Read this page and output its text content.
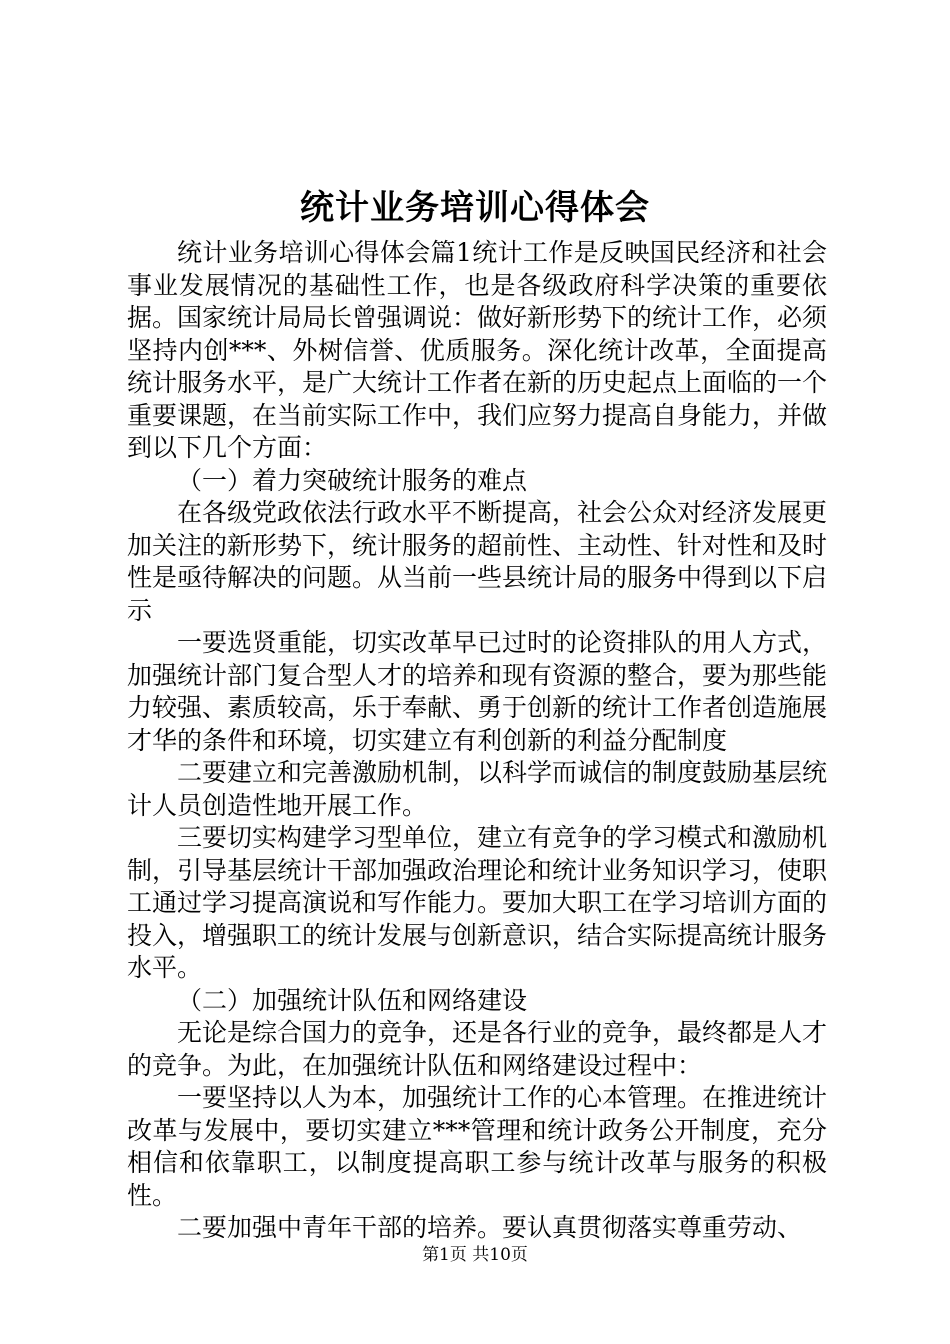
统计业务培训心得体会

统计业务培训心得体会篇1统计工作是反映国民经济和社会事业发展情况的基础性工作，也是各级政府科学决策的重要依据。国家统计局局长曾强调说：做好新形势下的统计工作，必须坚持内创***、外树信誉、优质服务。深化统计改革，全面提高统计服务水平，是广大统计工作者在新的历史起点上面临的一个重要课题，在当前实际工作中，我们应努力提高自身能力，并做到以下几个方面：

（一）着力突破统计服务的难点

在各级党政依法行政水平不断提高，社会公众对经济发展更加关注的新形势下，统计服务的超前性、主动性、针对性和及时性是亟待解决的问题。从当前一些县统计局的服务中得到以下启示

一要选贤重能，切实改革早已过时的论资排队的用人方式，加强统计部门复合型人才的培养和现有资源的整合，要为那些能力较强、素质较高，乐于奉献、勇于创新的统计工作者创造施展才华的条件和环境，切实建立有利创新的利益分配制度

二要建立和完善激励机制，以科学而诚信的制度鼓励基层统计人员创造性地开展工作。

三要切实构建学习型单位，建立有竞争的学习模式和激励机制，引导基层统计干部加强政治理论和统计业务知识学习，使职工通过学习提高演说和写作能力。要加大职工在学习培训方面的投入，增强职工的统计发展与创新意识，结合实际提高统计服务水平。

（二）加强统计队伍和网络建设

无论是综合国力的竞争，还是各行业的竞争，最终都是人才的竞争。为此，在加强统计队伍和网络建设过程中：

一要坚持以人为本，加强统计工作的心本管理。在推进统计改革与发展中，要切实建立***管理和统计政务公开制度，充分相信和依靠职工，以制度提高职工参与统计改革与服务的积极性。

二要加强中青年干部的培养。要认真贯彻落实尊重劳动、

第1页 共10页
